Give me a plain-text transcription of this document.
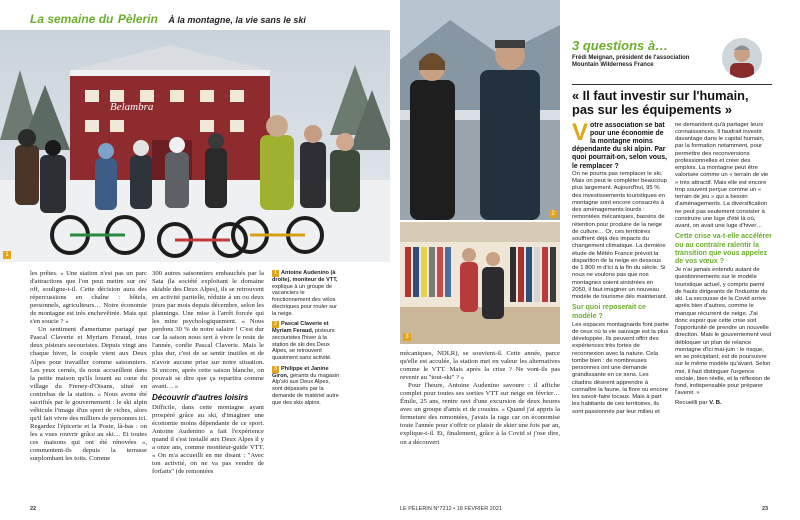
La semaine du Pèlerin À la montagne, la vie sans le ski
Belambra
1

les prêtes. « Une station n'est pas un parc d'attractions que l'on peut mettre sur on/ off, souligne-t-il. Cette décision aura des répercussions en chaîne : hôtels, personnels, agriculteurs… Notre économie de montagne est très enchevêtrée. Mais qui s'en soucie ? »

Un sentiment d'amertume partagé par Pascal Claverie et Myriam Feraud, tous deux pisteurs secouristes. Depuis vingt ans chaque hiver, le couple vient aux Deux Alpes pour travailler comme saisonniers. Les yeux cernés, ils nous accueillent dans la petite maison qu'ils louent au cœur du village du Freney-d'Oisans, situé en contrebas de la station. « Nous avons été sacrifiés par le gouvernement : le ski alpin véhicule l'image d'un sport de riches, alors qu'il fait vivre des milliers de personnes ici. Regardez l'épicerie et la Poste, là-bas : on les a vues rouvrir grâce au ski… Et toutes ces maisons qui ont été rénovées », commentent-ils depuis la terrasse surplombant les toits. Comme

300 autres saisonniers embauchés par la Sata (la société exploitant le domaine skiable des Deux Alpes), ils se retrouvent en activité partielle, réduite à un ou deux jours par mois depuis décembre, selon les plannings. Une mise à l'arrêt forcée qui les mine psychologiquement. « Nous perdons 30 % de notre salaire ! C'est dur car la saison nous sert à vivre le reste de l'année, confie Pascal Claverie. Mais le plus dur, c'est de se sentir inutiles et de n'avoir aucune prise sur notre situation. Si encore, après cette saison blanche, on pouvait se dire que ça repartira comme avant… »

Découvrir d'autres loisirs

Difficile, dans cette montagne ayant prospéré grâce au ski, d'imaginer une économie moins dépendante de ce sport. Antoine Audenino a fait l'expérience quand il s'est installé aux Deux Alpes il y a onze ans, comme moniteur-guide VTT. « On m'a accueilli en me disant : "Avec ton activité, on ne va pas vendre de forfaits" (de remontées

1 Antoine Audenino (à droite), moniteur de VTT, explique à un groupe de vacanciers le fonctionnement des vélos électriques pour rouler sur la neige.
2 Pascal Claverie et Myriam Feraud, pisteurs secouristes l'hiver à la station de ski des Deux Alpes, se retrouvent quasiment sans activité.
3 Philippe et Janine Giron, gérants du magasin Alp'ski aux Deux Alpes, sont dépassés par la demande de matériel autre que des skis alpins.
2
3

mécaniques, NDLR), se souvient-il. Cette année, parce qu'elle est acculée, la station met en valeur les alternatives comme le VTT. Mais après la crise ? Ne vont-ils pas revenir au "tout-ski" ? »

Pour l'heure, Antoine Audenino savoure : il affiche complet pour toutes ses sorties VTT sur neige en février… Émile, 25 ans, rentre ravi d'une excursion de deux heures avec un groupe d'amis et de cousins. « Quand j'ai appris la fermeture des remontées, j'avais la rage car on économise toute l'année pour s'offrir ce plaisir de skier une fois par an, explique-t-il. Et, finalement, grâce à la Covid si j'ose dire, on a découvert

3 questions à…
Frédi Meignan, président de l'association Mountain Wilderness France
« Il faut investir sur l'humain, pas sur les équipements »
Votre association se bat pour une économie de la montagne moins dépendante du ski alpin. Par quoi pourrait-on, selon vous, le remplacer ?
On ne pourra pas remplacer le ski. Mais on peut le compléter beaucoup plus largement. Aujourd'hui, 95 % des investissements touristiques en montagne sont encore consacrés à des aménagements lourds : remontées mécaniques, bassins de rétention pour produire de la neige de culture… Or, ces territoires souffrent déjà des impacts du changement climatique. La dernière étude de Météo France prévoit la disparition de la neige en dessous de 1 800 m d'ici à la fin du siècle. Si nous ne voulons pas que nos montagnes soient sinistrées en 2050, il faut imaginer un nouveau modèle de tourisme dès maintenant.
Sur quoi reposerait ce modèle ?
Les espaces montagnards font partie de ceux où la vie sauvage est la plus développée. Ils peuvent offrir des expériences très fortes de reconnexion avec la nature. Cela tombe bien : de nombreuses personnes ont une demande grandissante en ce sens. Les citadins désirent apprendre à connaître la faune, la flore ou encore les savoir-faire locaux. Mais à part les habitants de ces territoires, ils sont passionnés par leur milieu et
ne demandent qu'à partager leurs connaissances. Il faudrait investir davantage dans le capital humain, par la formation notamment, pour permettre des reconversions professionnelles et créer des emplois. La montagne peut être valorisée comme un « terrain de vie » très attractif. Mais elle est encore trop souvent perçue comme un « terrain de jeu » qui a besoin d'aménagements. La diversification ne peut pas seulement consister à construire une luge d'été là où, avant, on avait une luge d'hiver…
Cette crise va-t-elle accélérer ou au contraire ralentir la transition que vous appelez de vos vœux ?
Je n'ai jamais entendu autant de questionnements sur le modèle touristique actuel, y compris parmi de hauts dirigeants de l'industrie du ski. La secousse de la Covid arrive après bien d'autres, comme le manque récurrent de neige. J'ai donc espoir que cette crise soit l'opportunité de prendre un nouvelle direction. Mais le gouvernement veut débloquer un plan de relance montagne d'ici mai-juin : le risque, en se précipitant, est de poursuivre sur le même modèle qu'avant. Selon moi, il faut distinguer l'urgence sociale, bien réelle, et la réflexion de fond, indispensable pour préparer l'avenir. »
Recueilli par V. B.
22	LE PÈLERIN N°7212 • 18 FÉVRIER 2021	23
